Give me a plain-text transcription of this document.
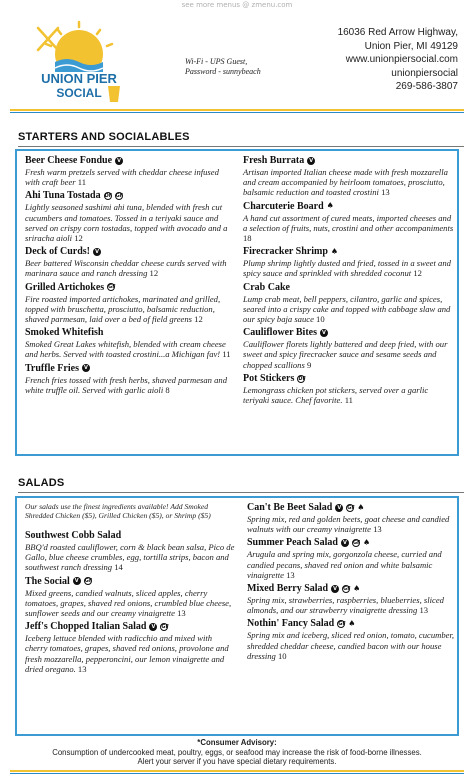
see more menus @ zmenu.com
UNION PIER
SOCIAL
Wi-Fi - UPS Guest,
Password - sunnybeach
16036 Red Arrow Highway,
Union Pier, MI 49129
www.unionpiersocial.com
unionpiersocial
269-586-3807
STARTERS AND SOCIALABLES
Beer Cheese Fondue V
Fresh warm pretzels served with cheddar cheese infused with craft beer 11
Ahi Tuna Tostada DF GF
Lightly seasoned sashimi ahi tuna, blended with fresh cut cucumbers and tomatoes. Tossed in a teriyaki sauce and served on crispy corn tostadas, topped with avocado and a sriracha aioli 12
Deck of Curds! V
Beer battered Wisconsin cheddar cheese curds served with marinara sauce and ranch dressing 12
Grilled Artichokes GF
Fire roasted imported artichokes, marinated and grilled, topped with bruschetta, prosciutto, balsamic reduction, shaved parmesan, laid over a bed of field greens 12
Smoked Whitefish
Smoked Great Lakes whitefish, blended with cream cheese and herbs. Served with toasted crostini...a Michigan fav! 11
Truffle Fries V
French fries tossed with fresh herbs, shaved parmesan and white truffle oil. Served with garlic aioli 8
Fresh Burrata V
Artisan imported Italian cheese made with fresh mozzarella and cream accompanied by heirloom tomatoes, prosciutto, balsamic reduction and toasted crostini 13
Charcuterie Board ♠
A hand cut assortment of cured meats, imported cheeses and a selection of fruits, nuts, crostini and other accompaniments 18
Firecracker Shrimp ♠
Plump shrimp lightly dusted and fried, tossed in a sweet and spicy sauce and sprinkled with shredded coconut 12
Crab Cake
Lump crab meat, bell peppers, cilantro, garlic and spices, seared into a crispy cake and topped with cabbage slaw and our spicy baja sauce 10
Cauliflower Bites V
Cauliflower florets lightly battered and deep fried, with our sweet and spicy firecracker sauce and sesame seeds and chopped scallions 9
Pot Stickers DF
Lemongrass chicken pot stickers, served over a garlic teriyaki sauce. Chef favorite. 11
SALADS
Our salads use the finest ingredients available! Add Smoked Shredded Chicken ($5), Grilled Chicken ($5), or Shrimp ($5)
Southwest Cobb Salad
BBQ'd roasted cauliflower, corn & black bean salsa, Pico de Gallo, blue cheese crumbles, egg, tortilla strips, bacon and southwest ranch dressing 14
The Social V GF
Mixed greens, candied walnuts, sliced apples, cherry tomatoes, grapes, shaved red onions, crumbled blue cheese, sunflower seeds and our creamy vinaigrette 13
Jeff's Chopped Italian Salad V GF
Iceberg lettuce blended with radicchio and mixed with cherry tomatoes, grapes, shaved red onions, provolone and fresh mozzarella, pepperoncini, our lemon vinaigrette and dried oregano. 13
Can't Be Beet Salad V GF ♠
Spring mix, red and golden beets, goat cheese and candied walnuts with our creamy vinaigrette 13
Summer Peach Salad V GF ♠
Arugula and spring mix, gorgonzola cheese, curried and candied pecans, shaved red onion and white balsamic vinaigrette 13
Mixed Berry Salad V GF ♠
Spring mix, strawberries, raspberries, blueberries, sliced almonds, and our strawberry vinaigrette dressing 13
Nothin' Fancy Salad GF ♠
Spring mix and iceberg, sliced red onion, tomato, cucumber, shredded cheddar cheese, candied bacon with our house dressing 10
*Consumer Advisory:
Consumption of undercooked meat, poultry, eggs, or seafood may increase the risk of food-borne illnesses.
Alert your server if you have special dietary requirements.
